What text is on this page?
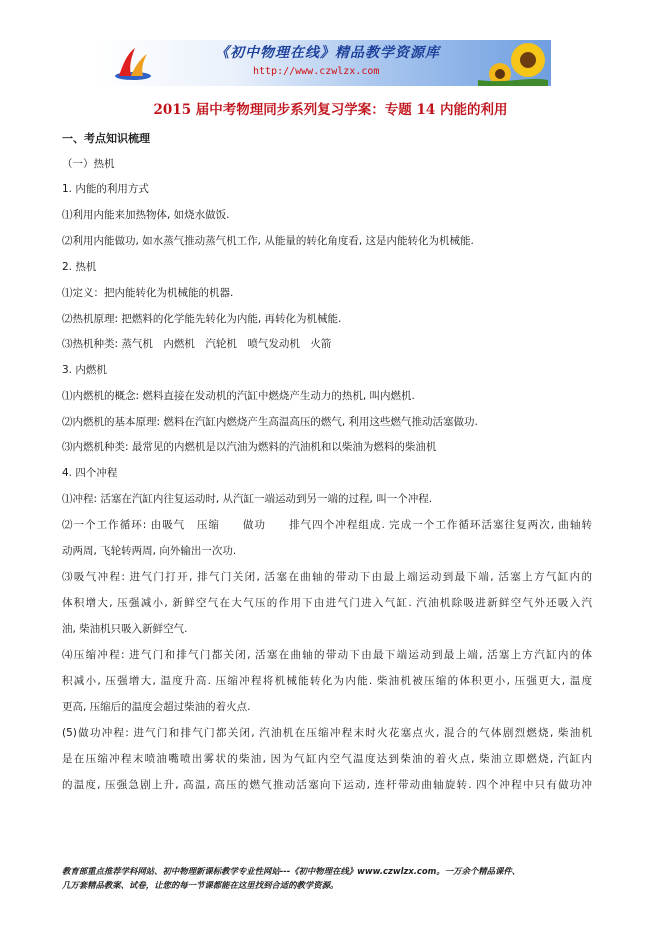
《初中物理在线》精品教学资源库
http://www.czwlzx.com
2015 届中考物理同步系列复习学案：专题 14 内能的利用
一、考点知识梳理
（一）热机
1. 内能的利用方式
⑴利用内能来加热物体, 如烧水做饭.
⑵利用内能做功, 如水蒸气推动蒸气机工作, 从能量的转化角度看, 这是内能转化为机械能.
2. 热机
⑴定义：把内能转化为机械能的机器.
⑵热机原理: 把燃料的化学能先转化为内能, 再转化为机械能.
⑶热机种类: 蒸气机　内燃机　汽轮机　喷气发动机　火箭
3. 内燃机
⑴内燃机的概念: 燃料直接在发动机的汽缸中燃烧产生动力的热机, 叫内燃机.
⑵内燃机的基本原理: 燃料在汽缸内燃烧产生高温高压的燃气, 利用这些燃气推动活塞做功.
⑶内燃机种类: 最常见的内燃机是以汽油为燃料的汽油机和以柴油为燃料的柴油机
4. 四个冲程
⑴冲程: 活塞在汽缸内往复运动时, 从汽缸一端运动到另一端的过程, 叫一个冲程.
⑵一个工作循环: 由吸气　压缩　　做功　　排气四个冲程组成. 完成一个工作循环活塞往复两次, 曲轴转
动两周, 飞轮转两周, 向外输出一次功.
⑶吸气冲程: 进气门打开, 排气门关闭, 活塞在曲轴的带动下由最上端运动到最下端, 活塞上方气缸内的
体积增大, 压强减小, 新鲜空气在大气压的作用下由进气门进入气缸. 汽油机除吸进新鲜空气外还吸入汽
油, 柴油机只吸入新鲜空气.
⑷压缩冲程: 进气门和排气门都关闭, 活塞在曲轴的带动下由最下端运动到最上端, 活塞上方汽缸内的体
积减小, 压强增大, 温度升高. 压缩冲程将机械能转化为内能. 柴油机被压缩的体积更小, 压强更大, 温度
更高, 压缩后的温度会超过柴油的着火点.
(5)做功冲程: 进气门和排气门都关闭, 汽油机在压缩冲程末时火花塞点火, 混合的气体剧烈燃烧, 柴油机
是在压缩冲程末喷油嘴喷出雾状的柴油, 因为气缸内空气温度达到柴油的着火点, 柴油立即燃烧, 汽缸内
的温度, 压强急剧上升, 高温, 高压的燃气推动活塞向下运动, 连杆带动曲轴旋转. 四个冲程中只有做功冲
教育部重点推荐学科网站、初中物理新课标教学专业性网站---《初中物理在线》www.czwlzx.com。一万余个精品课件、
几万套精品教案、试卷，让您的每一节课都能在这里找到合适的教学资源。
